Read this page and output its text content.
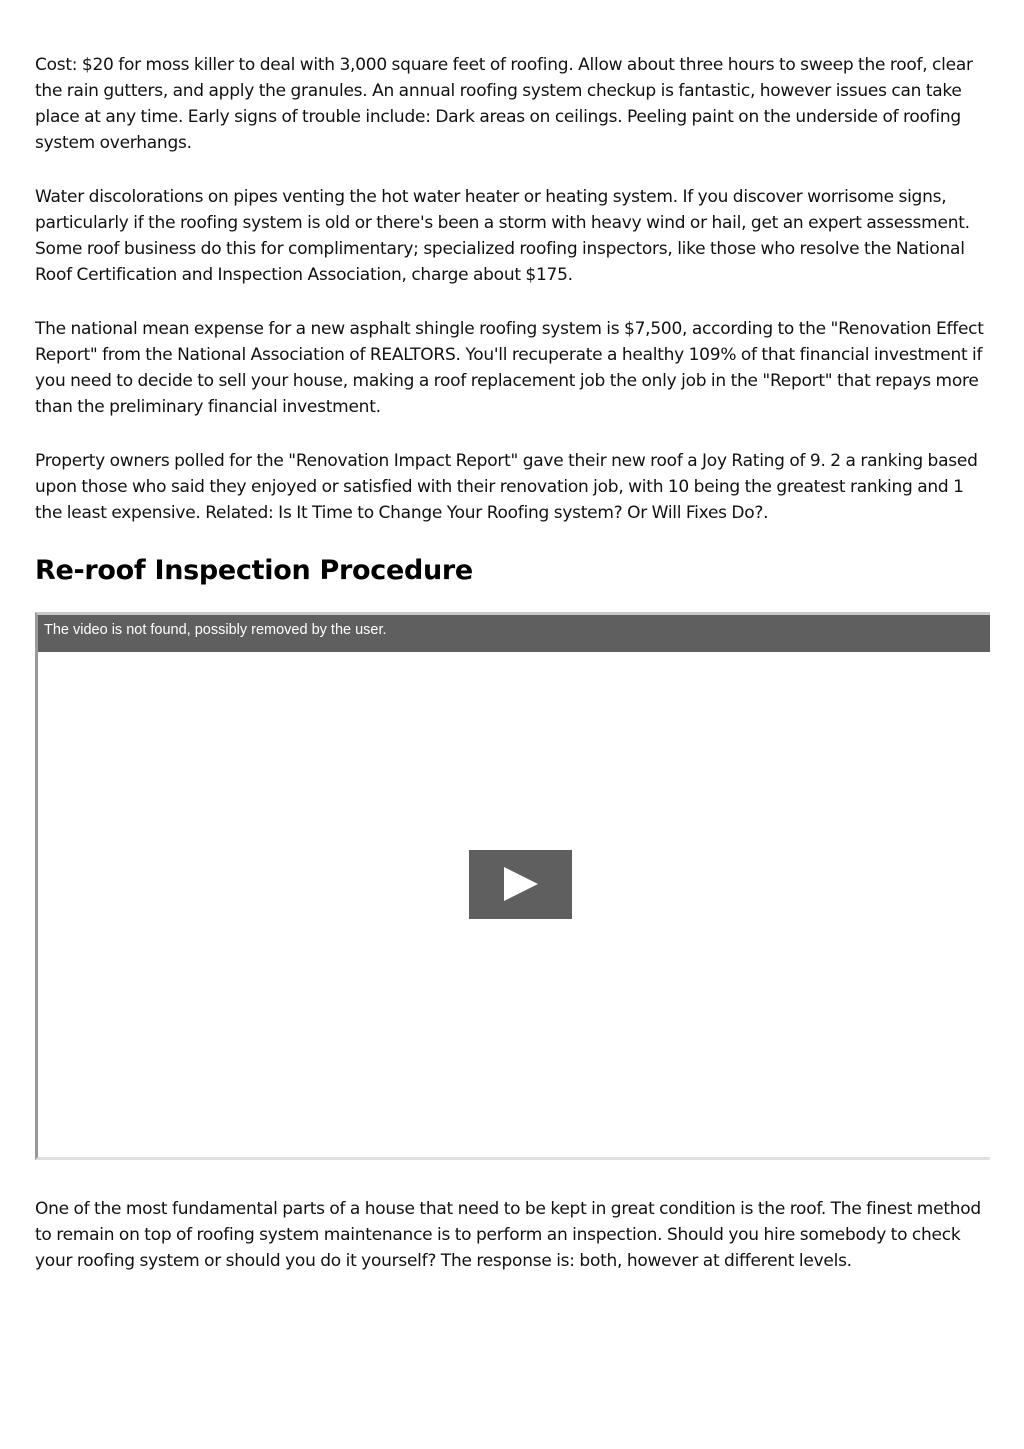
Cost: $20 for moss killer to deal with 3,000 square feet of roofing. Allow about three hours to sweep the roof, clear the rain gutters, and apply the granules. An annual roofing system checkup is fantastic, however issues can take place at any time. Early signs of trouble include: Dark areas on ceilings. Peeling paint on the underside of roofing system overhangs.

Water discolorations on pipes venting the hot water heater or heating system. If you discover worrisome signs, particularly if the roofing system is old or there's been a storm with heavy wind or hail, get an expert assessment. Some roof business do this for complimentary; specialized roofing inspectors, like those who resolve the National Roof Certification and Inspection Association, charge about $175.

The national mean expense for a new asphalt shingle roofing system is $7,500, according to the "Renovation Effect Report" from the National Association of REALTORS. You'll recuperate a healthy 109% of that financial investment if you need to decide to sell your house, making a roof replacement job the only job in the "Report" that repays more than the preliminary financial investment.

Property owners polled for the "Renovation Impact Report" gave their new roof a Joy Rating of 9. 2 a ranking based upon those who said they enjoyed or satisfied with their renovation job, with 10 being the greatest ranking and 1 the least expensive. Related: Is It Time to Change Your Roofing system? Or Will Fixes Do?.

Re-roof Inspection Procedure
The video is not found, possibly removed by the user.

One of the most fundamental parts of a house that need to be kept in great condition is the roof. The finest method to remain on top of roofing system maintenance is to perform an inspection. Should you hire somebody to check your roofing system or should you do it yourself? The response is: both, however at different levels.
